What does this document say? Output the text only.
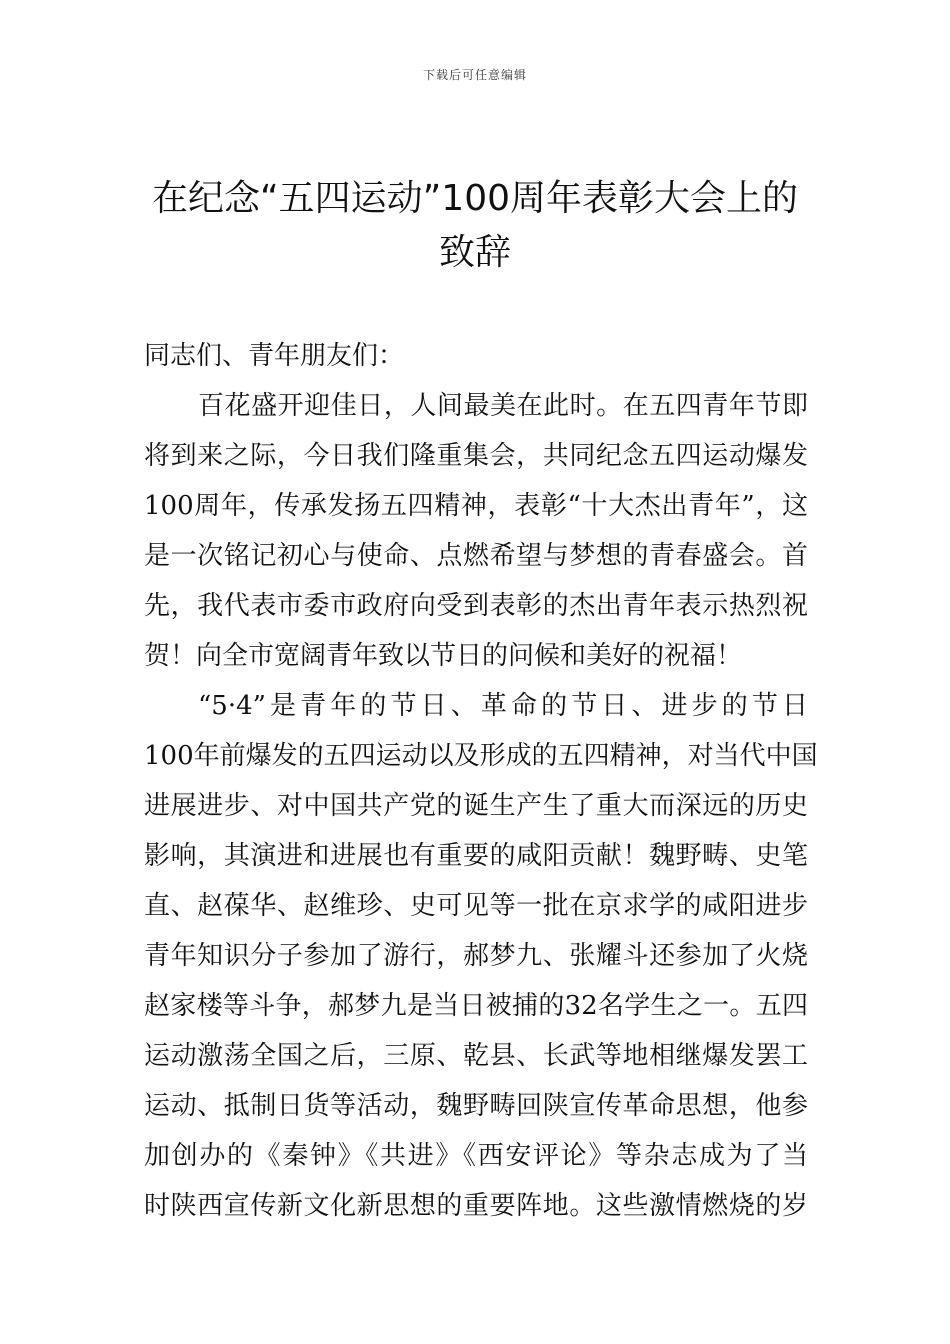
下载后可任意编辑
在纪念“五四运动”100周年表彰大会上的
致辞

同志们、青年朋友们：

百花盛开迎佳日，人间最美在此时。在五四青年节即
将到来之际，今日我们隆重集会，共同纪念五四运动爆发
100周年，传承发扬五四精神，表彰“十大杰出青年”，这
是一次铭记初心与使命、点燃希望与梦想的青春盛会。首
先，我代表市委市政府向受到表彰的杰出青年表示热烈祝
贺！向全市宽阔青年致以节日的问候和美好的祝福！

“5·4”是青年的节日、革命的节日、进步的节日
100年前爆发的五四运动以及形成的五四精神，对当代中国
进展进步、对中国共产党的诞生产生了重大而深远的历史
影响，其演进和进展也有重要的咸阳贡献！魏野畴、史笔
直、赵葆华、赵维珍、史可见等一批在京求学的咸阳进步
青年知识分子参加了游行，郝梦九、张耀斗还参加了火烧
赵家楼等斗争，郝梦九是当日被捕的32名学生之一。五四
运动激荡全国之后，三原、乾县、长武等地相继爆发罢工
运动、抵制日货等活动，魏野畴回陕宣传革命思想，他参
加创办的《秦钟》《共进》《西安评论》等杂志成为了当
时陕西宣传新文化新思想的重要阵地。这些激情燃烧的岁
